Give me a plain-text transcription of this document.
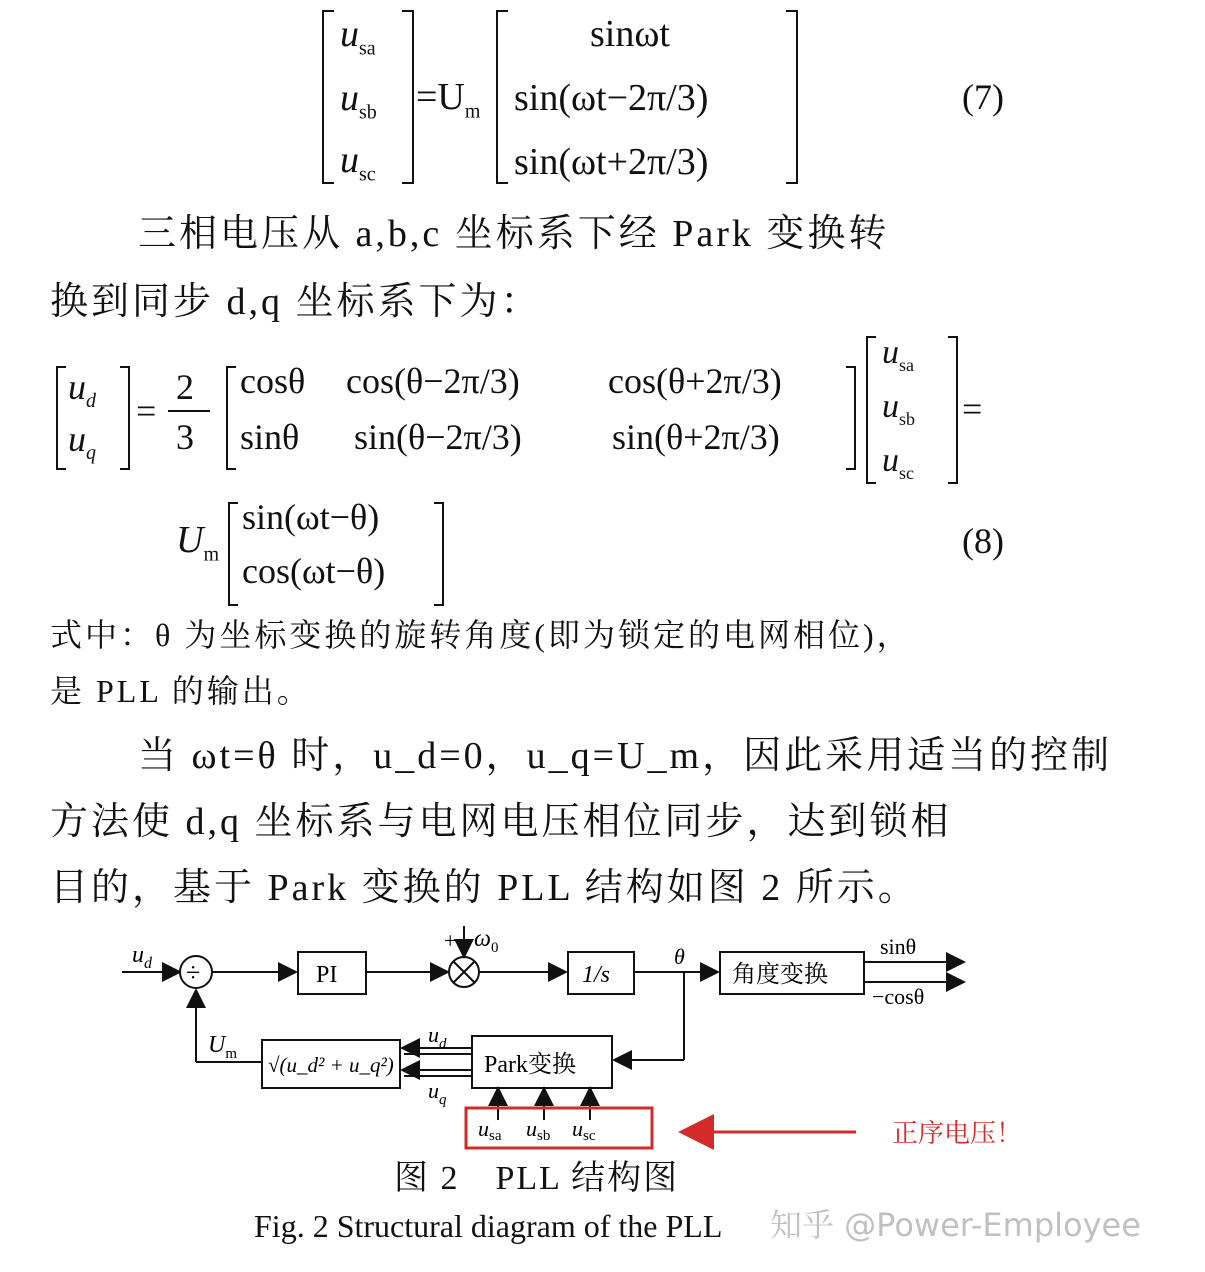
$u_{sa}$
$u_{sb}$
$u_{sc}$
$=U_m$
sinωt
sin(ωt−2π/3)
sin(ωt+2π/3)
(7)
三相电压从 a,b,c 坐标系下经 Park 变换转
换到同步 d,q 坐标系下为：
$u_d$
$u_q$
=
2
3
cosθ cos(θ−2π/3) cos(θ+2π/3)
sinθ sin(θ−2π/3)	sin(θ+2π/3)
$u_{sa}$
$u_{sb}$
$u_{sc}$
=
$U_m$
sin(ωt−θ)
cos(ωt−θ)
(8)
式中：θ 为坐标变换的旋转角度(即为锁定的电网相位)，
是 PLL 的输出。
当 ωt=θ 时，u_d=0，u_q=U_m，因此采用适当的控制
方法使 d,q 坐标系与电网电压相位同步，达到锁相
目的，基于 Park 变换的 PLL 结构如图 2 所示。
$u_d$ ÷	PI
+ $\omega_0$
1/s
θ
角度变换
sinθ
−cosθ
Park变换
$u_d$
$u_q$
√(u_d² + u_q²)
$U_m$
usa usb usc	正序电压！
图 2　PLL 结构图
Fig. 2 Structural diagram of the PLL 知乎 @Power-Employee
